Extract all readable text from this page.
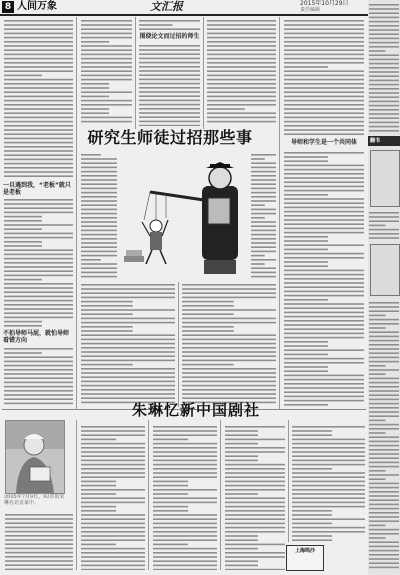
8 人间万象	文汇报	2015年10月29日
责任编辑
一旦遇到我，“老板”就只是老板
不拍导师马屁，就怕导师看错方向
围绕论文而过招的师生
研究生师徒过招那些事	导师和学生是一个共同体
朱琳忆新中国剧社
2005年7月9日，92岁的朱琳在北京家中。
上海鸣沙
翻书
